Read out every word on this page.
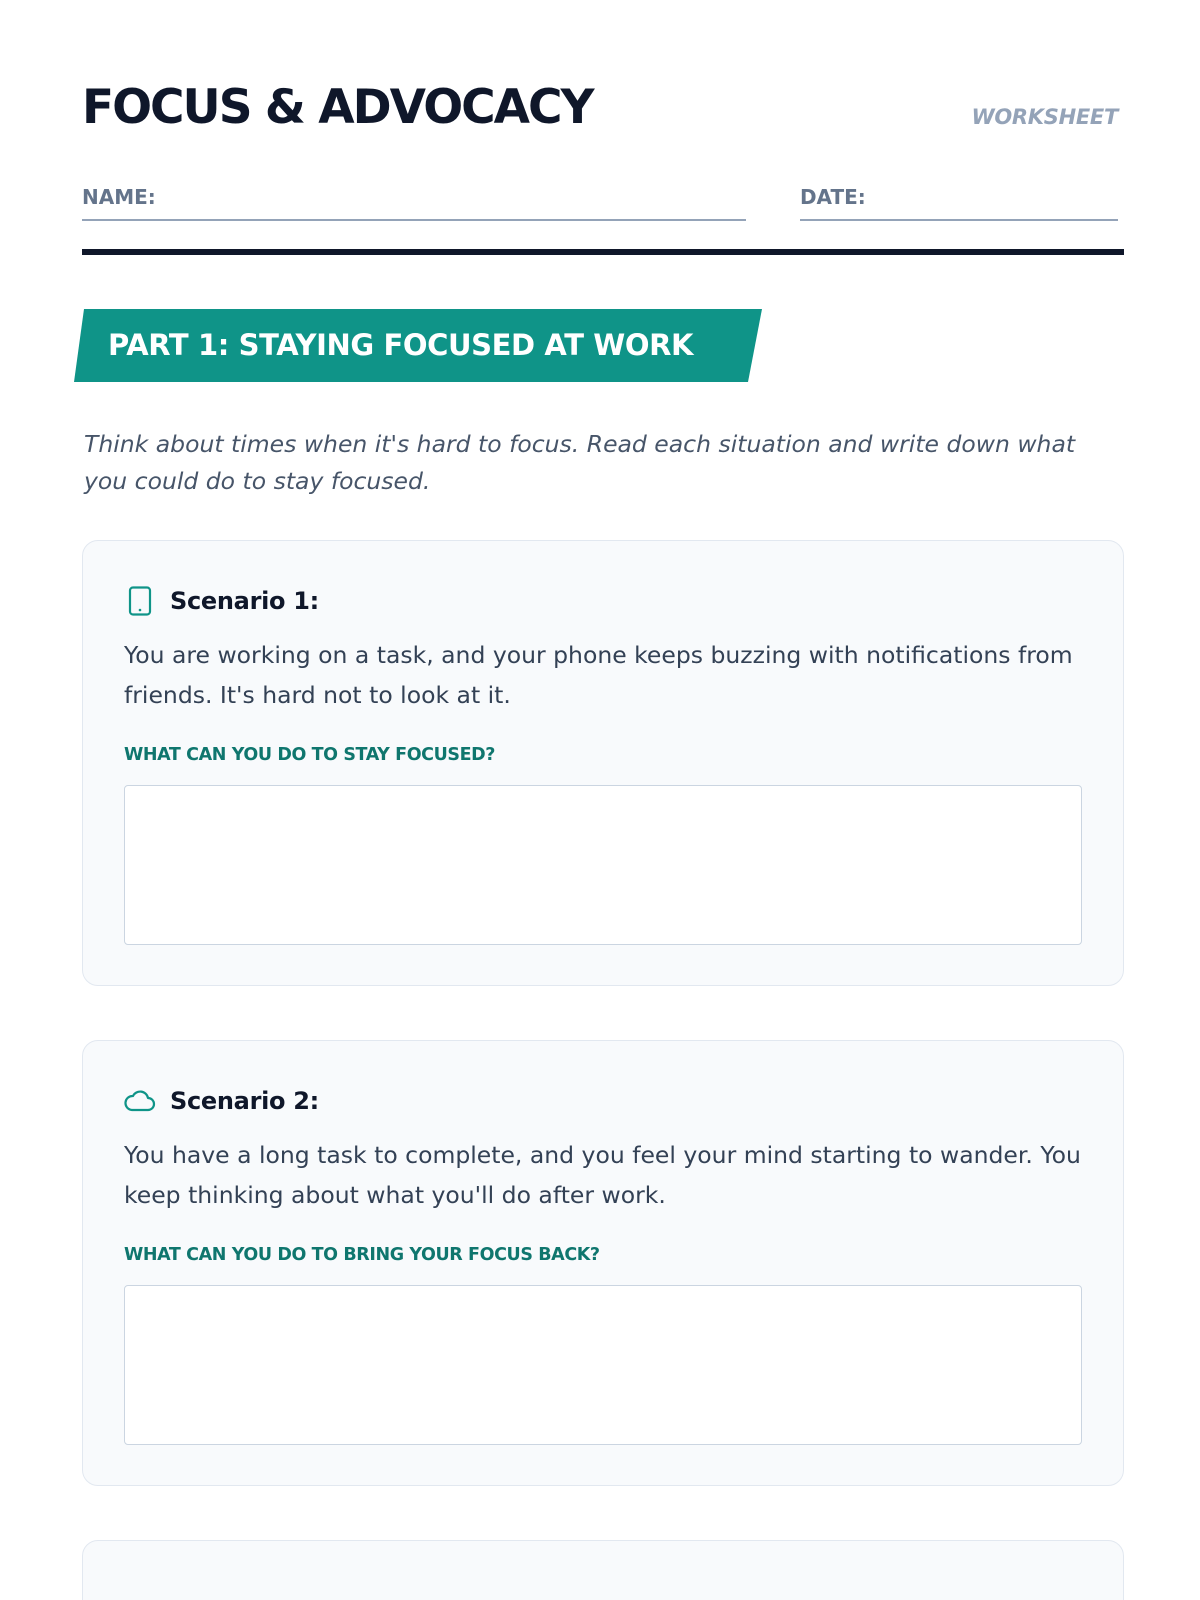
FOCUS & ADVOCACY	WORKSHEET
NAME:	DATE:
PART 1: STAYING FOCUSED AT WORK

Think about times when it's hard to focus. Read each situation and write down what you could do to stay focused.

Scenario 1:

You are working on a task, and your phone keeps buzzing with notifications from friends. It's hard not to look at it.

WHAT CAN YOU DO TO STAY FOCUSED?
Scenario 2:

You have a long task to complete, and you feel your mind starting to wander. You keep thinking about what you'll do after work.

WHAT CAN YOU DO TO BRING YOUR FOCUS BACK?
